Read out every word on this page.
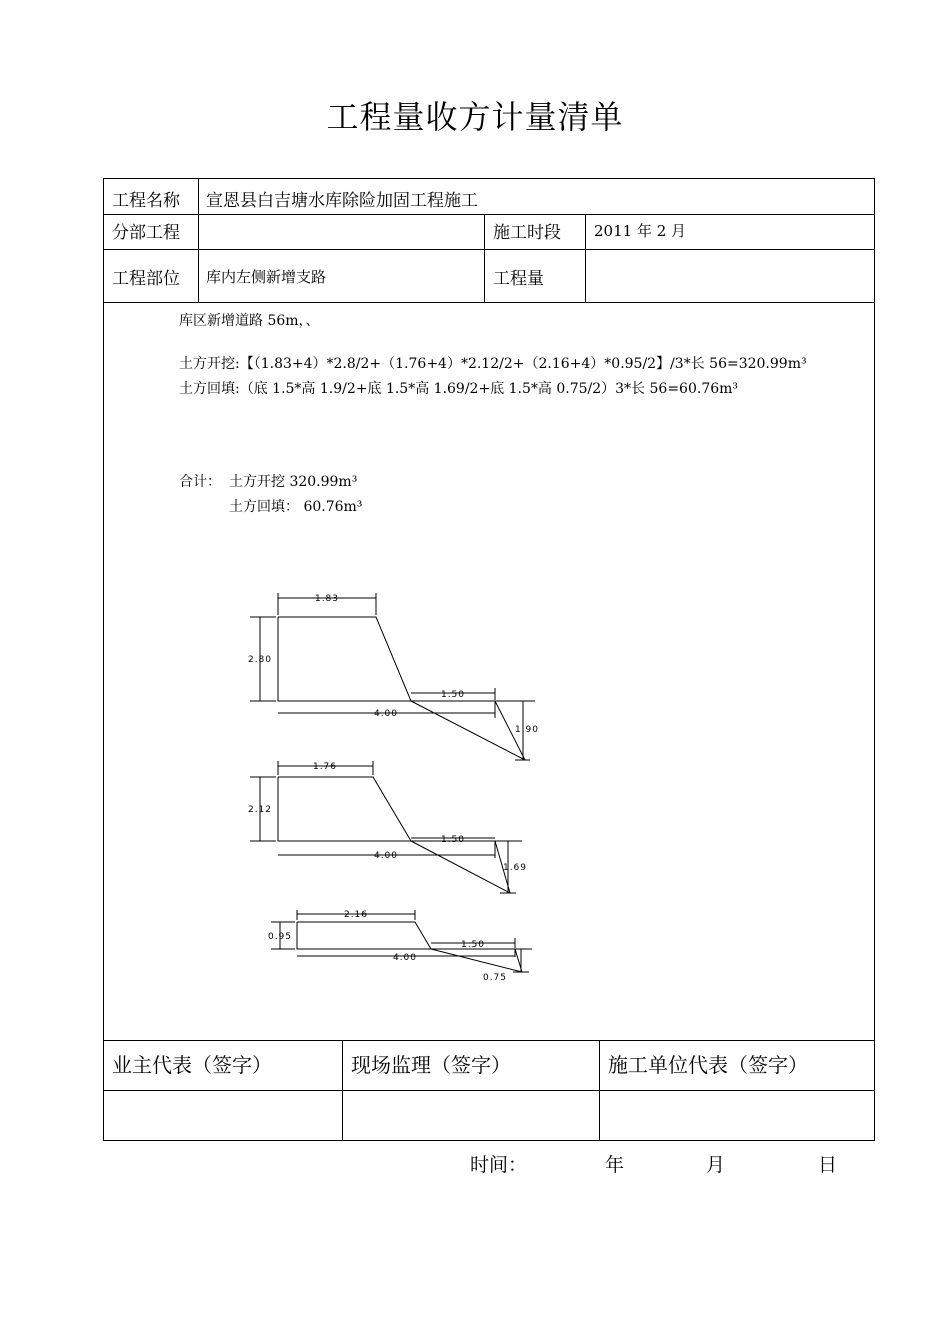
工程量收方计量清单
工程名称 宣恩县白吉塘水库除险加固工程施工
分部工程	施工时段 2011 年 2 月
工程部位 库内左侧新增支路	工程量
库区新增道路 56m，、
土方开挖:【（1.83+4）*2.8/2+（1.76+4）*2.12/2+（2.16+4）*0.95/2】/3*长 56=320.99m³
土方回填:（底 1.5*高 1.9/2+底 1.5*高 1.69/2+底 1.5*高 0.75/2）3*长 56=60.76m³
合计： 土方开挖 320.99m³
土方回填： 60.76m³
1.83
2.80
4.00
1.50
1.90
1.76
2.12
4.00
1.50
1.69
2.16
0.95
4.00
1.50
0.75
业主代表（签字）	现场监理（签字）	施工单位代表（签字）
时间：	年	月	日
